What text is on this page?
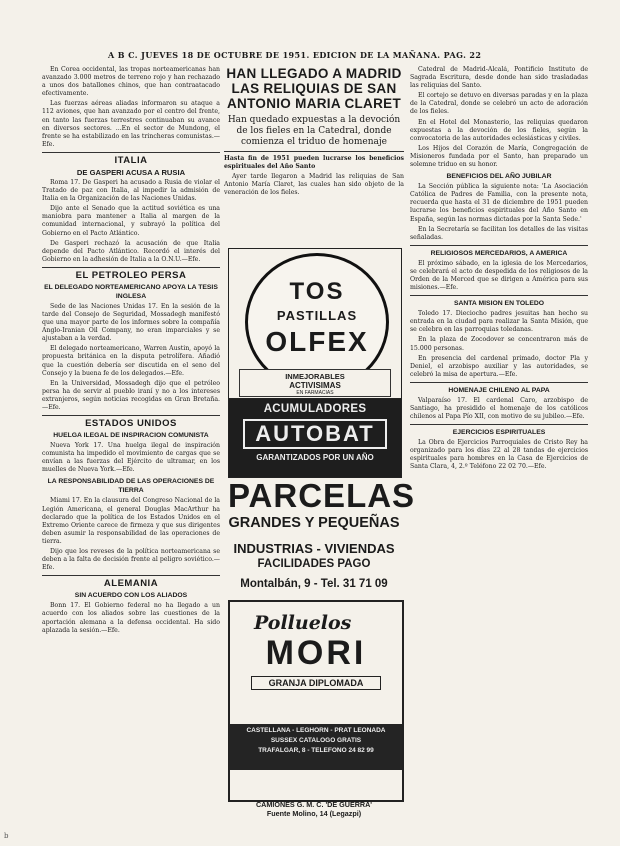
A B C. JUEVES 18 DE OCTUBRE DE 1951. EDICION DE LA MAÑANA. PAG. 22

En Corea occidental, las tropas norteamericanas han avanzado 3.000 metros de terreno rojo y han rechazado a unos dos batallones chinos, que han contraatacado efectivamente.

Las fuerzas aéreas aliadas informaron su ataque a 112 aviones, que han avanzado por el centro del frente, en tanto las fuerzas terrestres continuaban su avance en diversos sectores. ...En el sector de Mundong, el frente se ha estabilizado en las trincheras comunistas.—Efe.

ITALIA
DE GASPERI ACUSA A RUSIA

Roma 17. De Gasperi ha acusado a Rusia de violar el Tratado de paz con Italia, al impedir la admisión de Italia en la Organización de las Naciones Unidas.

Dijo ante el Senado que la actitud soviética es una maniobra para mantener a Italia al margen de la comunidad internacional, y subrayó la política del Gobierno en el Pacto Atlántico.

De Gasperi rechazó la acusación de que Italia depende del Pacto Atlántico. Recordó el interés del Gobierno en la adhesión de Italia a la O.N.U.—Efe.

EL PETROLEO PERSA
EL DELEGADO NORTEAMERICANO APOYA LA TESIS INGLESA

Sede de las Naciones Unidas 17. En la sesión de la tarde del Consejo de Seguridad, Mossadegh manifestó que una mayor parte de los informes sobre la compañía Anglo-Iranian Oil Company, no eran imparciales y se ajustaban a la verdad.

El delegado norteamericano, Warren Austin, apoyó la propuesta británica en la disputa petrolífera. Añadió que la cuestión debería ser discutida en el seno del Consejo y la buena fe de los delegados.—Efe.

En la Universidad, Mossadegh dijo que el petróleo persa ha de servir al pueblo iraní y no a los intereses extranjeros, según noticias recogidas en Gran Bretaña.—Efe.

ESTADOS UNIDOS
HUELGA ILEGAL DE INSPIRACION COMUNISTA

Nueva York 17. Una huelga ilegal de inspiración comunista ha impedido el movimiento de cargas que se envían a las fuerzas del Ejército de ultramar, en los muelles de Nueva York.—Efe.

LA RESPONSABILIDAD DE LAS OPERACIONES DE TIERRA

Miami 17. En la clausura del Congreso Nacional de la Legión Americana, el general Douglas MacArthur ha declarado que la política de los Estados Unidos en el Extremo Oriente carece de firmeza y que sus dirigentes deben asumir la responsabilidad de las operaciones de tierra.

Dijo que los reveses de la política norteamericana se deben a la falta de decisión frente al peligro soviético.—Efe.

ALEMANIA
SIN ACUERDO CON LOS ALIADOS

Bonn 17. El Gobierno federal no ha llegado a un acuerdo con los aliados sobre las cuestiones de la aportación alemana a la defensa occidental. Ha sido aplazada la sesión.—Efe.

HAN LLEGADO A MADRID LAS RELIQUIAS DE SAN ANTONIO MARIA CLARET
Han quedado expuestas a la devoción de los fieles en la Catedral, donde comienza el triduo de homenaje

Hasta fin de 1951 pueden lucrarse los beneficios espirituales del Año Santo

Ayer tarde llegaron a Madrid las reliquias de San Antonio María Claret, las cuales han sido objeto de la veneración de los fieles.

TOS
PASTILLAS
OLFEX
INMEJORABLES
ACTIVISIMAS
EN FARMACIAS
ACUMULADORES
AUTOBAT
GARANTIZADOS POR UN AÑO
PARCELAS
GRANDES Y PEQUEÑAS
INDUSTRIAS - VIVIENDAS
FACILIDADES PAGO
Montalbán, 9 - Tel. 31 71 09
Polluelos
MORI
GRANJA DIPLOMADA
CASTELLANA - LEGHORN - PRAT LEONADA
SUSSEX CATALOGO GRATIS
TRAFALGAR, 8 - TELEFONO 24 82 99
CAMIONES G. M. C. 'DE GUERRA'
Fuente Molino, 14 (Legazpi)

Catedral de Madrid-Alcalá, Pontificio Instituto de Sagrada Escritura, desde donde han sido trasladadas las reliquias del Santo.

El cortejo se detuvo en diversas paradas y en la plaza de la Catedral, donde se celebró un acto de adoración de los fieles.

En el Hotel del Monasterio, las reliquias quedaron expuestas a la devoción de los fieles, según la convocatoria de las autoridades eclesiásticas y civiles.

Los Hijos del Corazón de María, Congregación de Misioneros fundada por el Santo, han preparado un solemne triduo en su honor.

BENEFICIOS DEL AÑO JUBILAR

La Sección pública la siguiente nota: 'La Asociación Católica de Padres de Familia, con la presente nota, recuerda que hasta el 31 de diciembre de 1951 pueden lucrarse los beneficios espirituales del Año Santo en España, según las normas dictadas por la Santa Sede.'

En la Secretaría se facilitan los detalles de las visitas señaladas.

RELIGIOSOS MERCEDARIOS, A AMERICA

El próximo sábado, en la iglesia de los Mercedarios, se celebrará el acto de despedida de los religiosos de la Orden de la Merced que se dirigen a América para sus misiones.—Efe.

SANTA MISION EN TOLEDO

Toledo 17. Dieciocho padres jesuitas han hecho su entrada en la ciudad para realizar la Santa Misión, que se celebra en las parroquias toledanas.

En la plaza de Zocodover se concentraron más de 15.000 personas.

En presencia del cardenal primado, doctor Pla y Deniel, el arzobispo auxiliar y las autoridades, se celebró la misa de apertura.—Efe.

HOMENAJE CHILENO AL PAPA

Valparaíso 17. El cardenal Caro, arzobispo de Santiago, ha presidido el homenaje de los católicos chilenos al Papa Pío XII, con motivo de su jubileo.—Efe.

EJERCICIOS ESPIRITUALES

La Obra de Ejercicios Parroquiales de Cristo Rey ha organizado para los días 22 al 28 tandas de ejercicios espirituales para hombres en la Casa de Ejercicios de Santa Clara, 4, 2.º Teléfono 22 02 70.—Efe.

b
